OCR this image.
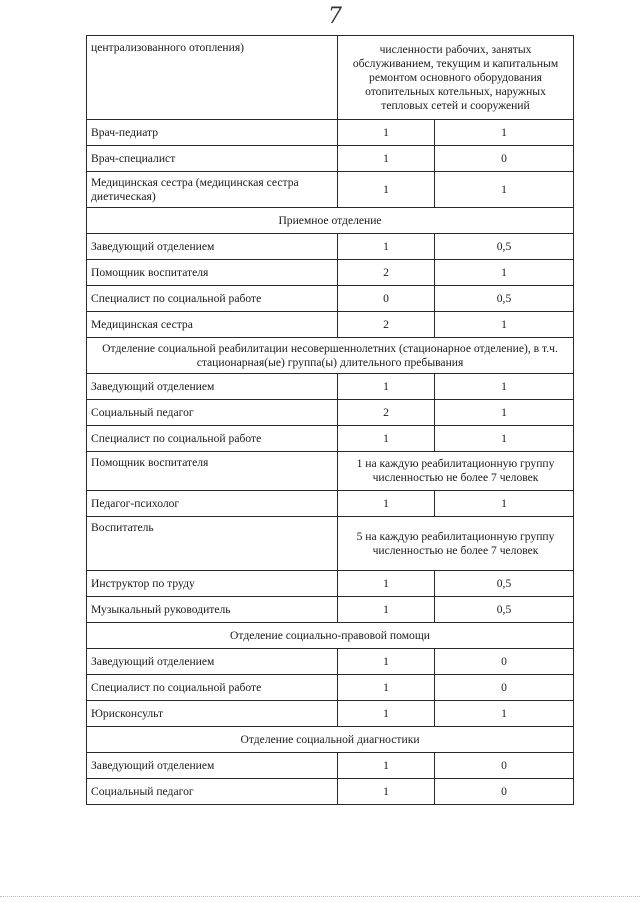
7
централизованного отопления)	численности рабочих, занятых обслуживанием, текущим и капитальным ремонтом основного оборудования отопительных котельных, наружных тепловых сетей и сооружений	
Врач-педиатр	1	1
Врач-специалист	1	0
Медицинская сестра (медицинская сестра диетическая)	1	1
Приемное отделение		
Заведующий отделением	1	0,5
Помощник воспитателя	2	1
Специалист по социальной работе	0	0,5
Медицинская сестра	2	1
Отделение социальной реабилитации несовершеннолетних (стационарное отделение), в т.ч. стационарная(ые) группа(ы) длительного пребывания		
Заведующий отделением	1	1
Социальный педагог	2	1
Специалист по социальной работе	1	1
Помощник воспитателя	1 на каждую реабилитационную группу численностью не более 7 человек	
Педагог-психолог	1	1
Воспитатель	5 на каждую реабилитационную группу численностью не более 7 человек	
Инструктор по труду	1	0,5
Музыкальный руководитель	1	0,5
Отделение социально-правовой помощи		
Заведующий отделением	1	0
Специалист по социальной работе	1	0
Юрисконсульт	1	1
Отделение социальной диагностики		
Заведующий отделением	1	0
Социальный педагог	1	0
